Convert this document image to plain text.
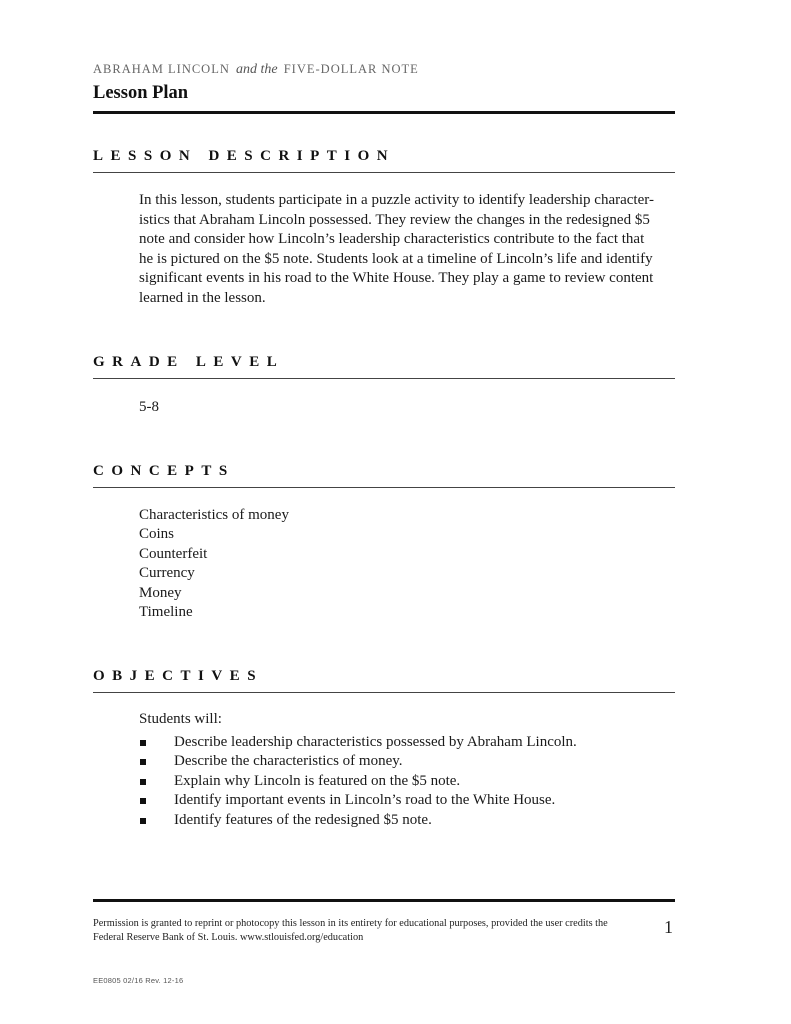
ABRAHAM LINCOLN and the FIVE-DOLLAR NOTE
Lesson Plan
LESSON DESCRIPTION
In this lesson, students participate in a puzzle activity to identify leadership character-
istics that Abraham Lincoln possessed. They review the changes in the redesigned $5
note and consider how Lincoln’s leadership characteristics contribute to the fact that
he is pictured on the $5 note. Students look at a timeline of Lincoln’s life and identify
significant events in his road to the White House. They play a game to review content
learned in the lesson.
GRADE LEVEL
5-8
CONCEPTS
Characteristics of money
Coins
Counterfeit
Currency
Money
Timeline
OBJECTIVES
Students will:
Describe leadership characteristics possessed by Abraham Lincoln.
Describe the characteristics of money.
Explain why Lincoln is featured on the $5 note.
Identify important events in Lincoln’s road to the White House.
Identify features of the redesigned $5 note.
Permission is granted to reprint or photocopy this lesson in its entirety for educational purposes, provided the user credits the
Federal Reserve Bank of St. Louis. www.stlouisfed.org/education	1
EE0805 02/16 Rev. 12-16
